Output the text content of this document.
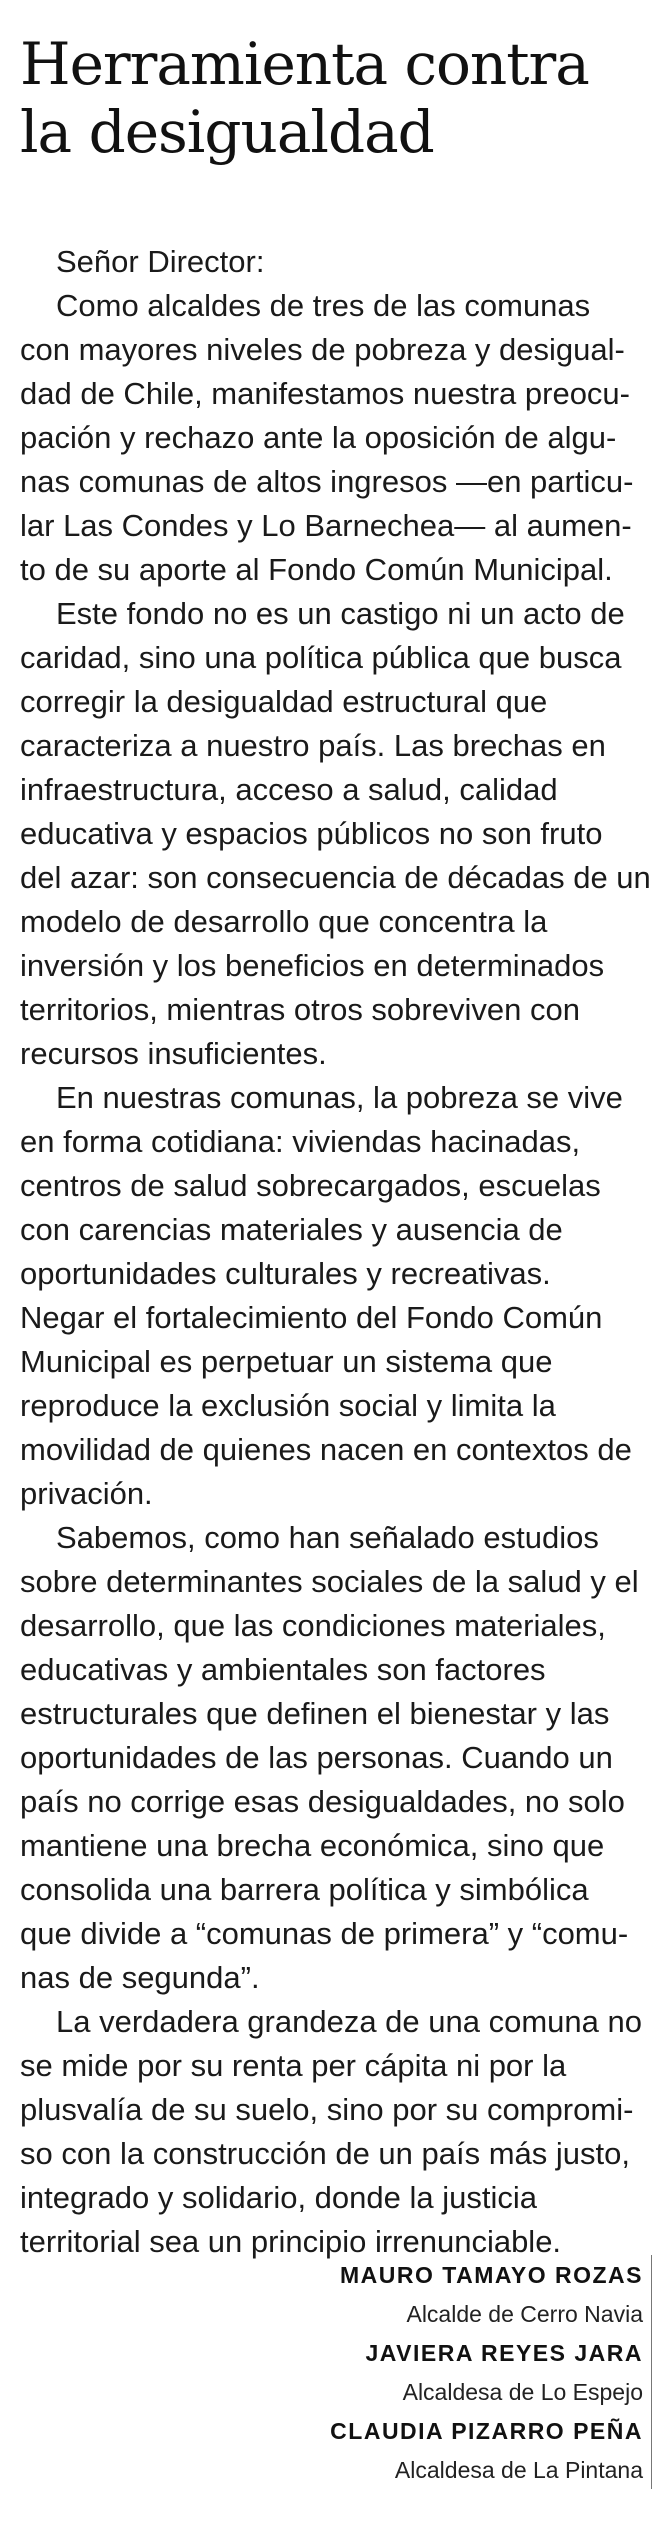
Herramienta contra
la desigualdad
Señor Director:

Como alcaldes de tres de las comunas
con mayores niveles de pobreza y desigual-
dad de Chile, manifestamos nuestra preocu-
pación y rechazo ante la oposición de algu-
nas comunas de altos ingresos —en particu-
lar Las Condes y Lo Barnechea— al aumen-
to de su aporte al Fondo Común Municipal.

Este fondo no es un castigo ni un acto de
caridad, sino una política pública que busca
corregir la desigualdad estructural que
caracteriza a nuestro país. Las brechas en
infraestructura, acceso a salud, calidad
educativa y espacios públicos no son fruto
del azar: son consecuencia de décadas de un
modelo de desarrollo que concentra la
inversión y los beneficios en determinados
territorios, mientras otros sobreviven con
recursos insuficientes.

En nuestras comunas, la pobreza se vive
en forma cotidiana: viviendas hacinadas,
centros de salud sobrecargados, escuelas
con carencias materiales y ausencia de
oportunidades culturales y recreativas.
Negar el fortalecimiento del Fondo Común
Municipal es perpetuar un sistema que
reproduce la exclusión social y limita la
movilidad de quienes nacen en contextos de
privación.

Sabemos, como han señalado estudios
sobre determinantes sociales de la salud y el
desarrollo, que las condiciones materiales,
educativas y ambientales son factores
estructurales que definen el bienestar y las
oportunidades de las personas. Cuando un
país no corrige esas desigualdades, no solo
mantiene una brecha económica, sino que
consolida una barrera política y simbólica
que divide a “comunas de primera” y “comu-
nas de segunda”.

La verdadera grandeza de una comuna no
se mide por su renta per cápita ni por la
plusvalía de su suelo, sino por su compromi-
so con la construcción de un país más justo,
integrado y solidario, donde la justicia
territorial sea un principio irrenunciable.

MAURO TAMAYO ROZAS
Alcalde de Cerro Navia
JAVIERA REYES JARA
Alcaldesa de Lo Espejo
CLAUDIA PIZARRO PEÑA
Alcaldesa de La Pintana
